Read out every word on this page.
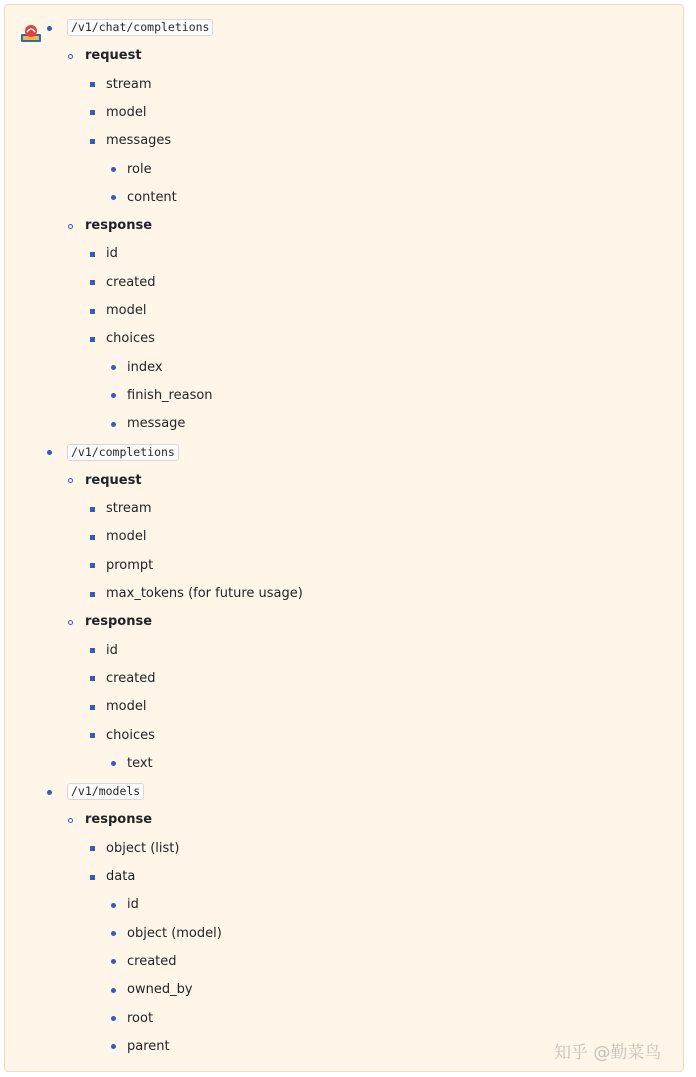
/v1/chat/completions
request
stream
model
messages
role
content
response
id
created
model
choices
index
finish_reason
message
/v1/completions
request
stream
model
prompt
max_tokens (for future usage)
response
id
created
model
choices
text
/v1/models
response
object (list)
data
id
object (model)
created
owned_by
root
parent	知乎 @勤菜鸟
